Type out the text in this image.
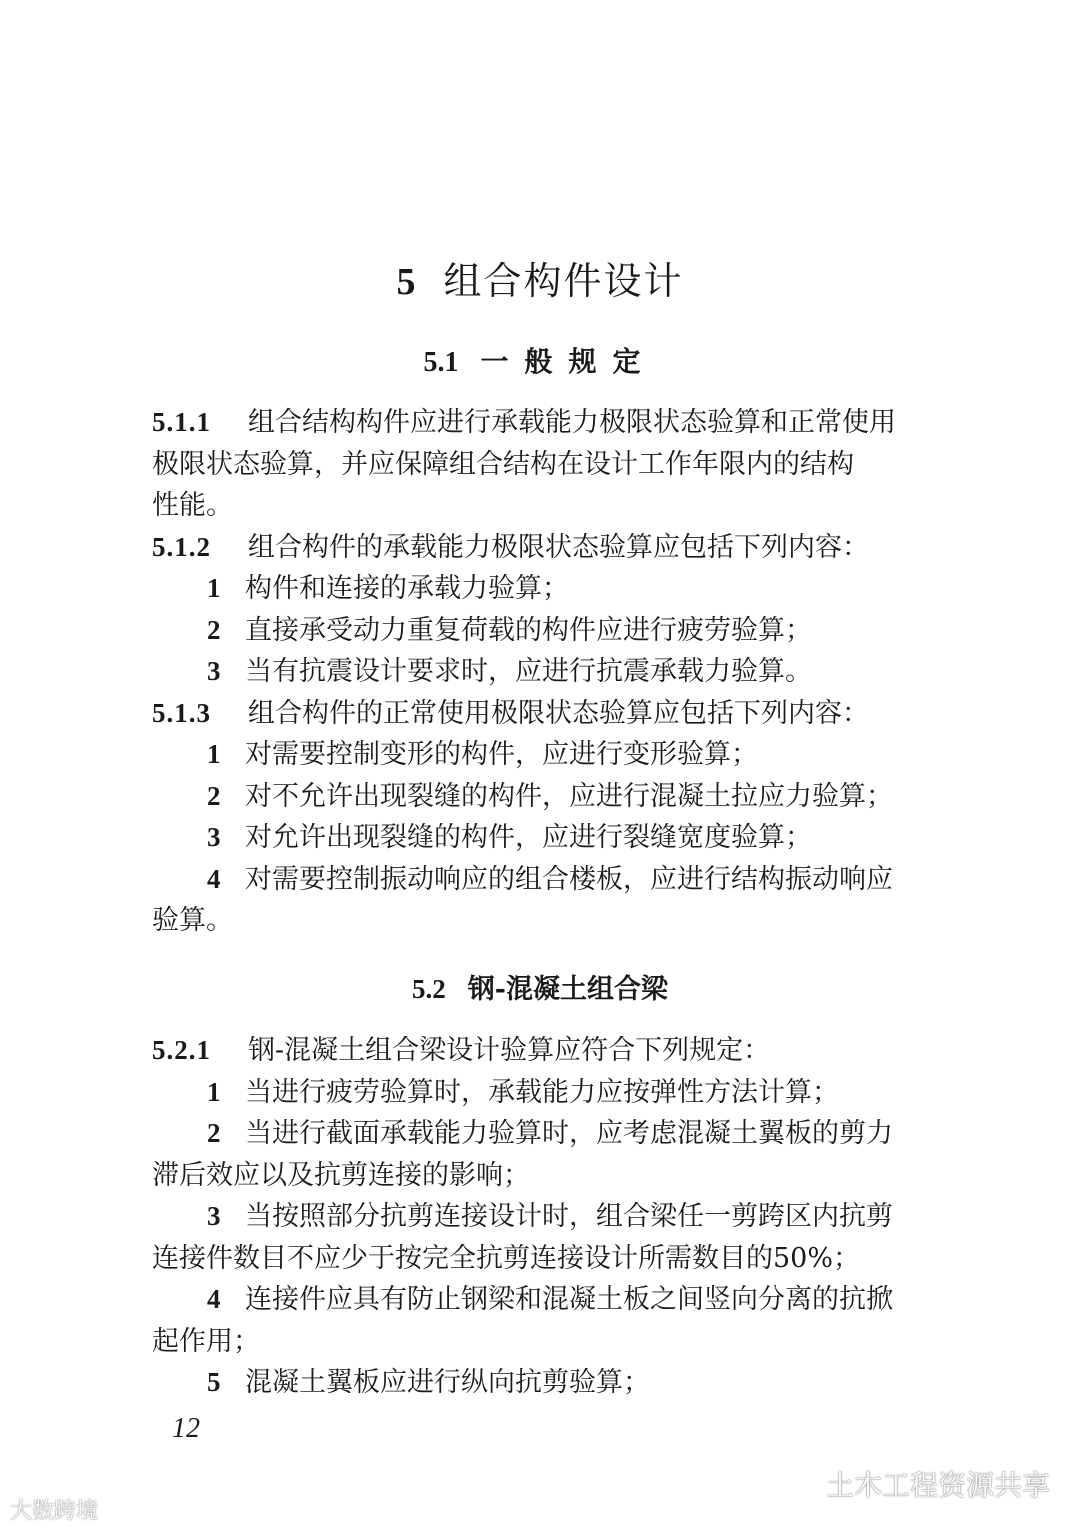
5 组合构件设计
5.1 一般规定
5.1.1 组合结构构件应进行承载能力极限状态验算和正常使用
极限状态验算，并应保障组合结构在设计工作年限内的结构
性能。
5.1.2 组合构件的承载能力极限状态验算应包括下列内容：
1 构件和连接的承载力验算；
2 直接承受动力重复荷载的构件应进行疲劳验算；
3 当有抗震设计要求时，应进行抗震承载力验算。
5.1.3 组合构件的正常使用极限状态验算应包括下列内容：
1 对需要控制变形的构件，应进行变形验算；
2 对不允许出现裂缝的构件，应进行混凝土拉应力验算；
3 对允许出现裂缝的构件，应进行裂缝宽度验算；
4 对需要控制振动响应的组合楼板，应进行结构振动响应
验算。
5.2 钢-混凝土组合梁
5.2.1 钢-混凝土组合梁设计验算应符合下列规定：
1 当进行疲劳验算时，承载能力应按弹性方法计算；
2 当进行截面承载能力验算时，应考虑混凝土翼板的剪力
滞后效应以及抗剪连接的影响；
3 当按照部分抗剪连接设计时，组合梁任一剪跨区内抗剪
连接件数目不应少于按完全抗剪连接设计所需数目的50%；
4 连接件应具有防止钢梁和混凝土板之间竖向分离的抗掀
起作用；
5 混凝土翼板应进行纵向抗剪验算；
12
大数跨境
土木工程资源共享
